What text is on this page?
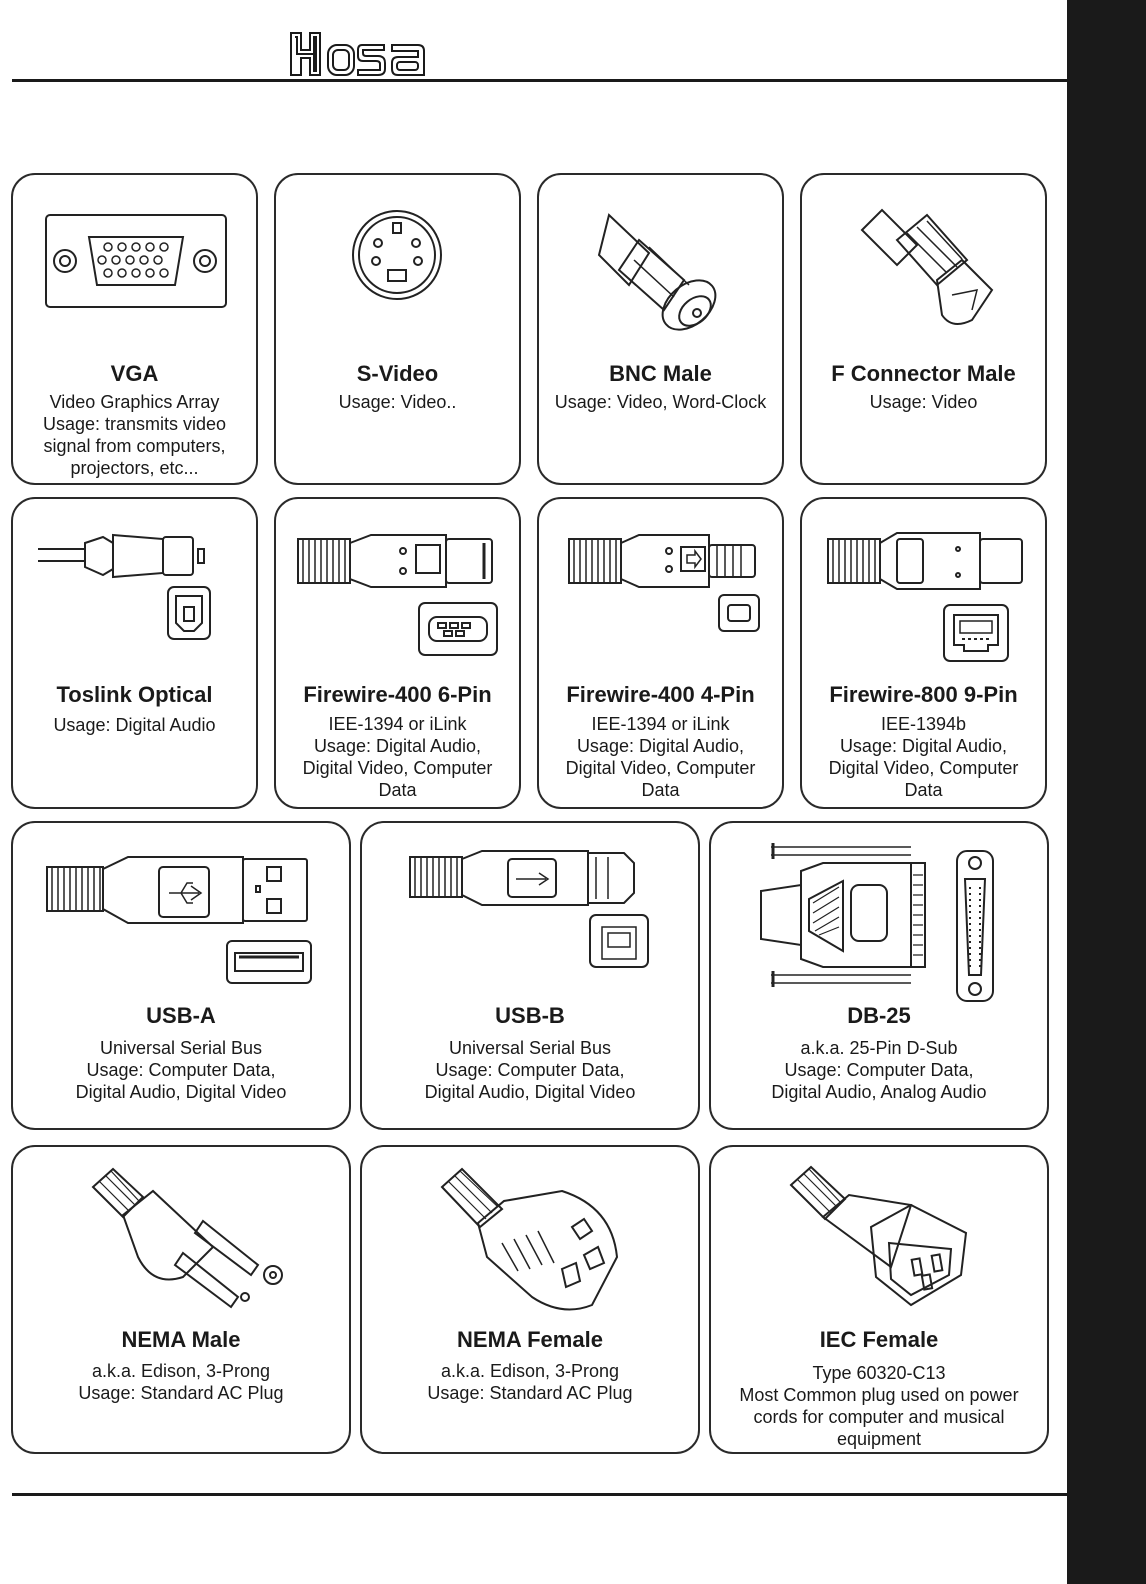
VGA
Video Graphics Array
Usage: transmits video
signal from computers,
projectors, etc...
S-Video
Usage: Video..
BNC Male
Usage: Video, Word-Clock
F Connector Male
Usage: Video
Toslink Optical
Usage: Digital Audio
Firewire-400 6-Pin
IEE-1394 or iLink
Usage: Digital Audio,
Digital Video, Computer
Data
Firewire-400 4-Pin
IEE-1394 or iLink
Usage: Digital Audio,
Digital Video, Computer
Data
Firewire-800 9-Pin
IEE-1394b
Usage: Digital Audio,
Digital Video, Computer
Data
USB-A
Universal Serial Bus
Usage: Computer Data,
Digital Audio, Digital Video
USB-B
Universal Serial Bus
Usage: Computer Data,
Digital Audio, Digital Video
DB-25
a.k.a. 25-Pin D-Sub
Usage: Computer Data,
Digital Audio, Analog Audio
NEMA Male
a.k.a. Edison, 3-Prong
Usage: Standard AC Plug
NEMA Female
a.k.a. Edison, 3-Prong
Usage: Standard AC Plug
IEC Female
Type 60320-C13
Most Common plug used on power
cords for computer and musical
equipment
